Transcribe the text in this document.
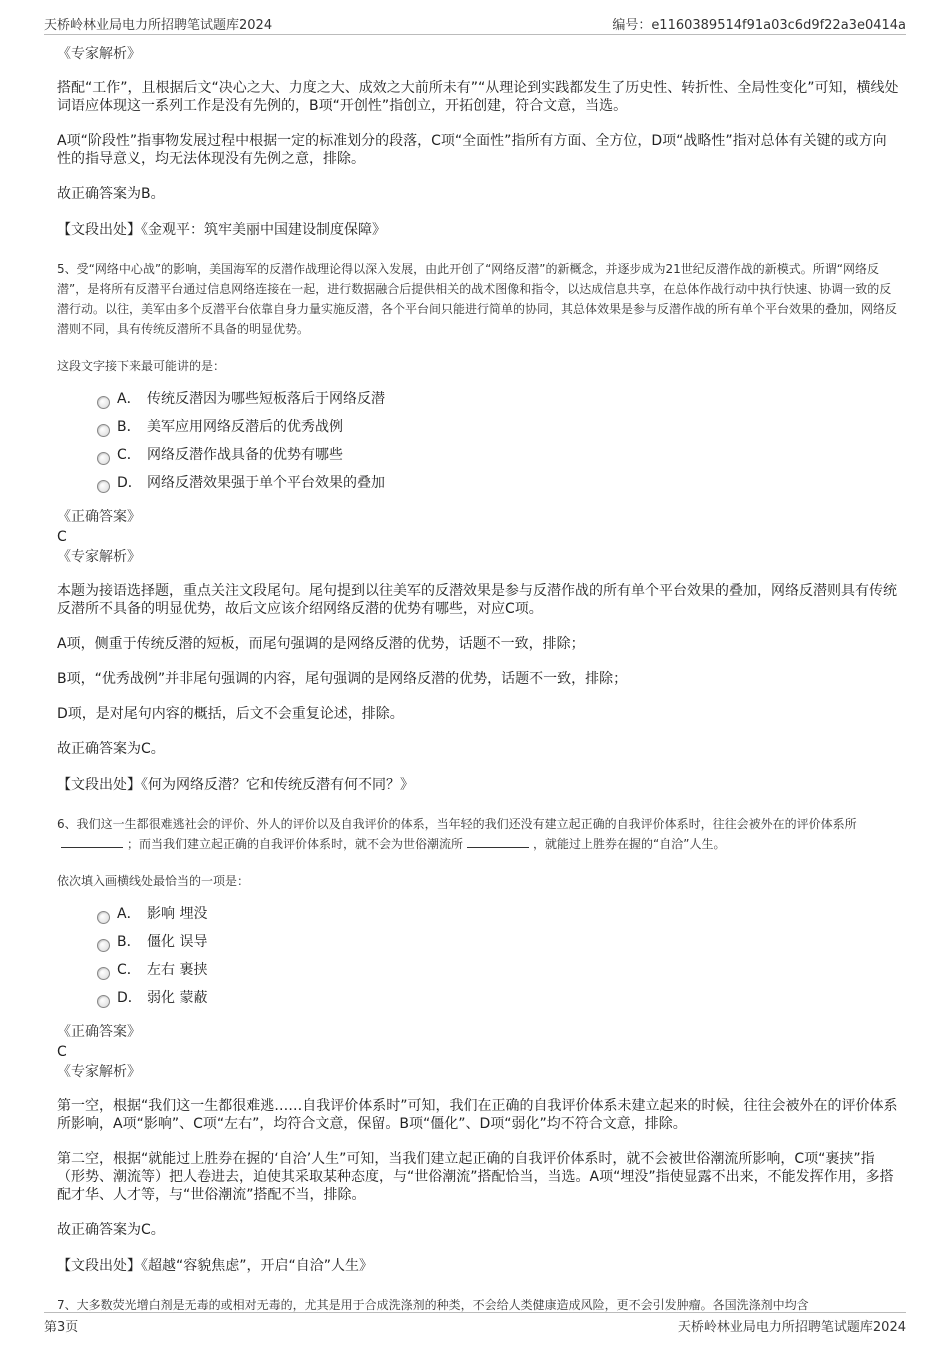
天桥岭林业局电力所招聘笔试题库2024	编号：e1160389514f91a03c6d9f22a3e0414a

《专家解析》

搭配“工作”，且根据后文“决心之大、力度之大、成效之大前所未有”“从理论到实践都发生了历史性、转折性、全局性变化”可知，横线处词语应体现这一系列工作是没有先例的，B项“开创性”指创立，开拓创建，符合文意，当选。

A项“阶段性”指事物发展过程中根据一定的标准划分的段落，C项“全面性”指所有方面、全方位，D项“战略性”指对总体有关键的或方向性的指导意义，均无法体现没有先例之意，排除。

故正确答案为B。

【文段出处】《金观平：筑牢美丽中国建设制度保障》

5、受“网络中心战”的影响，美国海军的反潜作战理论得以深入发展，由此开创了“网络反潜”的新概念，并逐步成为21世纪反潜作战的新模式。所谓“网络反潜”，是将所有反潜平台通过信息网络连接在一起，进行数据融合后提供相关的战术图像和指令，以达成信息共享，在总体作战行动中执行快速、协调一致的反潜行动。以往，美军由多个反潜平台依靠自身力量实施反潜，各个平台间只能进行简单的协同，其总体效果是参与反潜作战的所有单个平台效果的叠加，网络反潜则不同，具有传统反潜所不具备的明显优势。

这段文字接下来最可能讲的是：

A． 传统反潜因为哪些短板落后于网络反潜
B． 美军应用网络反潜后的优秀战例
C． 网络反潜作战具备的优势有哪些
D． 网络反潜效果强于单个平台效果的叠加

《正确答案》

C

《专家解析》

本题为接语选择题，重点关注文段尾句。尾句提到以往美军的反潜效果是参与反潜作战的所有单个平台效果的叠加，网络反潜则具有传统反潜所不具备的明显优势，故后文应该介绍网络反潜的优势有哪些，对应C项。

A项，侧重于传统反潜的短板，而尾句强调的是网络反潜的优势，话题不一致，排除；

B项，“优秀战例”并非尾句强调的内容，尾句强调的是网络反潜的优势，话题不一致，排除；

D项，是对尾句内容的概括，后文不会重复论述，排除。

故正确答案为C。

【文段出处】《何为网络反潜？它和传统反潜有何不同？》

6、我们这一生都很难逃社会的评价、外人的评价以及自我评价的体系，当年轻的我们还没有建立起正确的自我评价体系时，往往会被外在的评价体系所；而当我们建立起正确的自我评价体系时，就不会为世俗潮流所	，就能过上胜券在握的“自洽”人生。

依次填入画横线处最恰当的一项是：

A． 影响 埋没
B． 僵化 误导
C． 左右 裹挟
D． 弱化 蒙蔽

《正确答案》

C

《专家解析》

第一空，根据“我们这一生都很难逃……自我评价体系时”可知，我们在正确的自我评价体系未建立起来的时候，往往会被外在的评价体系所影响，A项“影响”、C项“左右”，均符合文意，保留。B项“僵化”、D项“弱化”均不符合文意，排除。

第二空，根据“就能过上胜券在握的‘自洽’人生”可知，当我们建立起正确的自我评价体系时，就不会被世俗潮流所影响，C项“裹挟”指（形势、潮流等）把人卷进去，迫使其采取某种态度，与“世俗潮流”搭配恰当，当选。A项“埋没”指使显露不出来，不能发挥作用，多搭配才华、人才等，与“世俗潮流”搭配不当，排除。

故正确答案为C。

【文段出处】《超越“容貌焦虑”，开启“自洽”人生》

7、大多数荧光增白剂是无毒的或相对无毒的，尤其是用于合成洗涤剂的种类，不会给人类健康造成风险，更不会引发肿瘤。各国洗涤剂中均含

第3页	天桥岭林业局电力所招聘笔试题库2024
